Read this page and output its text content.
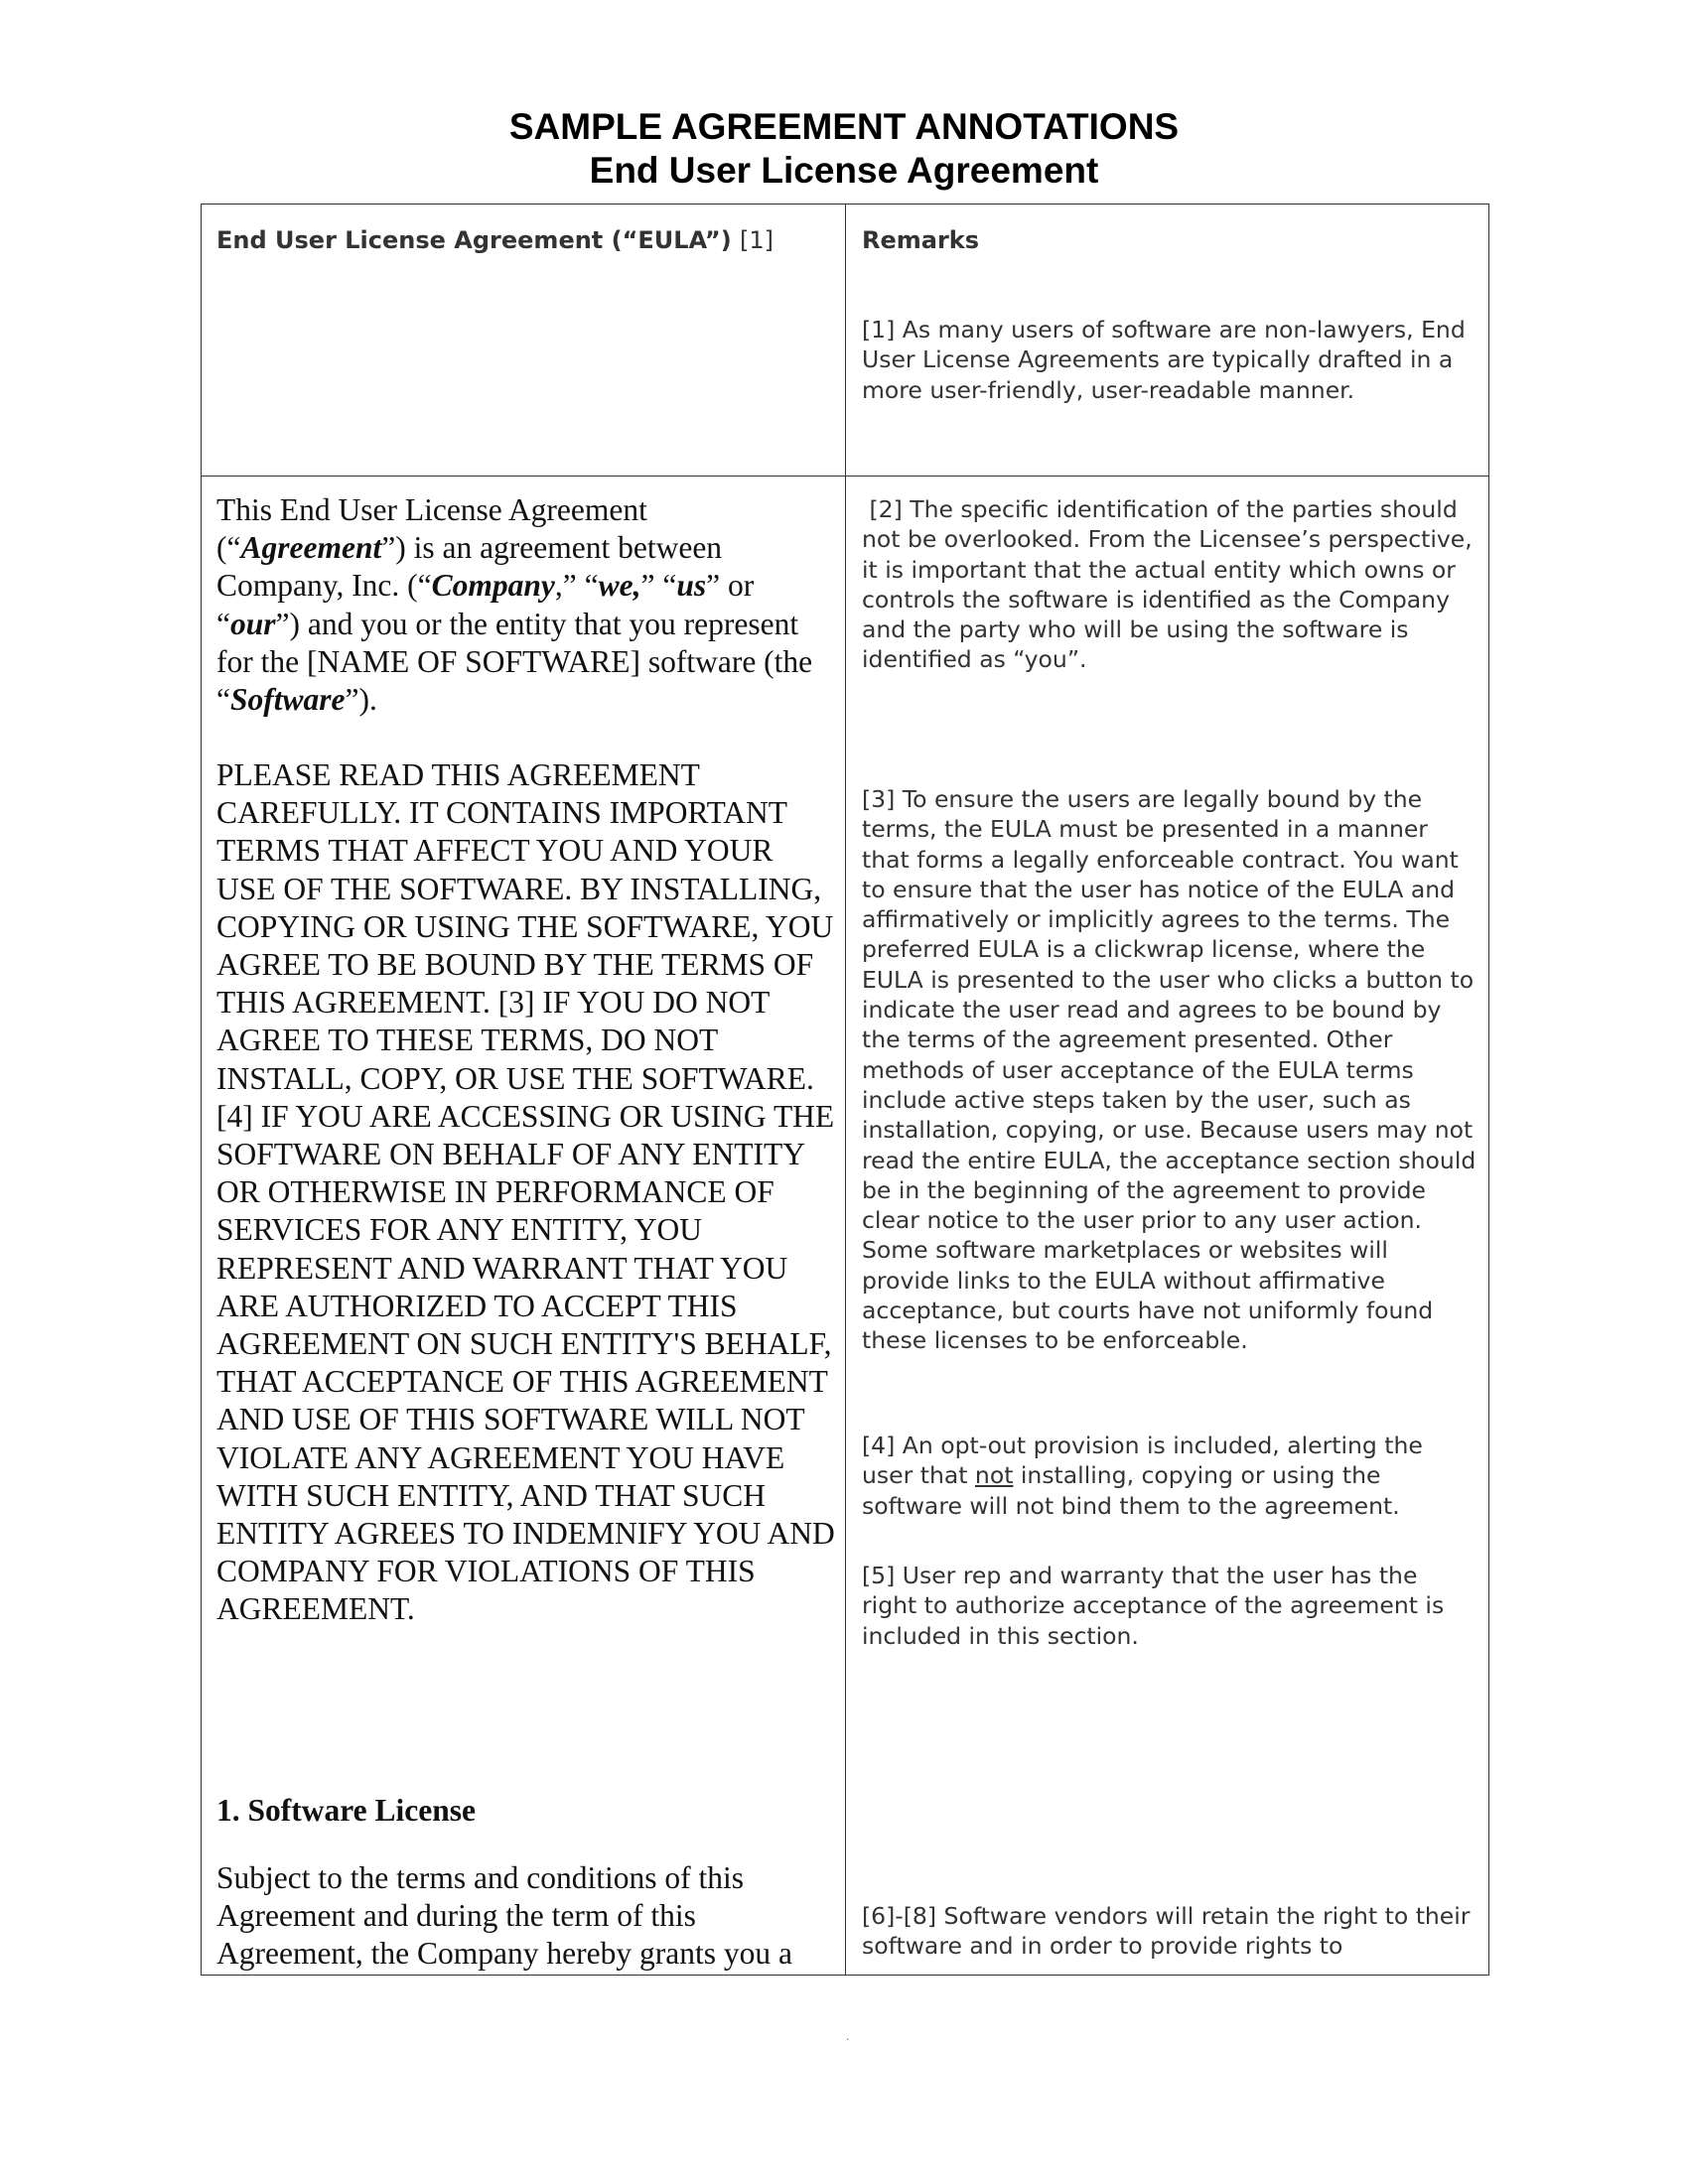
SAMPLE AGREEMENT ANNOTATIONS
End User License Agreement
End User License Agreement (“EULA”) [1]	Remarks
[1] As many users of software are non-lawyers, End User License Agreements are typically drafted in a more user-friendly, user-readable manner.
[2] The specific identification of the parties should not be overlooked. From the Licensee’s perspective, it is important that the actual entity which owns or controls the software is identified as the Company and the party who will be using the software is identified as “you”.
[3] To ensure the users are legally bound by the terms, the EULA must be presented in a manner that forms a legally enforceable contract. You want to ensure that the user has notice of the EULA and affirmatively or implicitly agrees to the terms. The preferred EULA is a clickwrap license, where the EULA is presented to the user who clicks a button to indicate the user read and agrees to be bound by the terms of the agreement presented. Other methods of user acceptance of the EULA terms include active steps taken by the user, such as installation, copying, or use. Because users may not read the entire EULA, the acceptance section should be in the beginning of the agreement to provide clear notice to the user prior to any user action. Some software marketplaces or websites will provide links to the EULA without affirmative acceptance, but courts have not uniformly found these licenses to be enforceable.
[4] An opt-out provision is included, alerting the user that not installing, copying or using the software will not bind them to the agreement.
[5] User rep and warranty that the user has the right to authorize acceptance of the agreement is included in this section.
[6]-[8] Software vendors will retain the right to their software and in order to provide rights to
This End User License Agreement (“Agreement”) is an agreement between Company, Inc. (“Company,” “we,” “us” or “our”) and you or the entity that you represent for the [NAME OF SOFTWARE] software (the “Software”).
PLEASE READ THIS AGREEMENT CAREFULLY. IT CONTAINS IMPORTANT TERMS THAT AFFECT YOU AND YOUR USE OF THE SOFTWARE. BY INSTALLING, COPYING OR USING THE SOFTWARE, YOU AGREE TO BE BOUND BY THE TERMS OF THIS AGREEMENT. [3] IF YOU DO NOT AGREE TO THESE TERMS, DO NOT INSTALL, COPY, OR USE THE SOFTWARE. [4] IF YOU ARE ACCESSING OR USING THE SOFTWARE ON BEHALF OF ANY ENTITY OR OTHERWISE IN PERFORMANCE OF SERVICES FOR ANY ENTITY, YOU REPRESENT AND WARRANT THAT YOU ARE AUTHORIZED TO ACCEPT THIS AGREEMENT ON SUCH ENTITY'S BEHALF, THAT ACCEPTANCE OF THIS AGREEMENT AND USE OF THIS SOFTWARE WILL NOT VIOLATE ANY AGREEMENT YOU HAVE WITH SUCH ENTITY, AND THAT SUCH ENTITY AGREES TO INDEMNIFY YOU AND COMPANY FOR VIOLATIONS OF THIS AGREEMENT.
1. Software License
Subject to the terms and conditions of this Agreement and during the term of this Agreement, the Company hereby grants you a
.
